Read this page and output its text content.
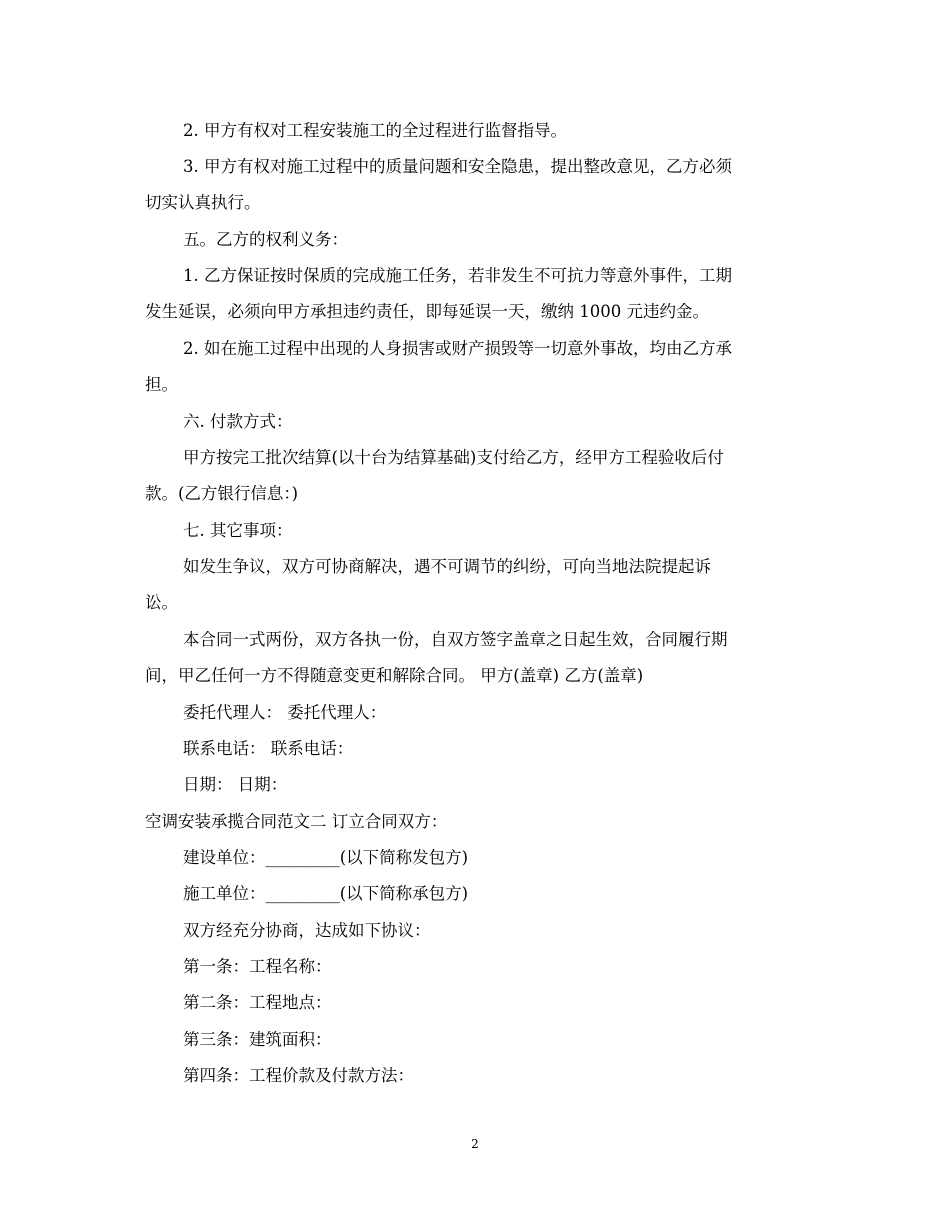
2. 甲方有权对工程安装施工的全过程进行监督指导。
3. 甲方有权对施工过程中的质量问题和安全隐患，提出整改意见，乙方必须
切实认真执行。
五。乙方的权利义务：
1. 乙方保证按时保质的完成施工任务，若非发生不可抗力等意外事件，工期
发生延误，必须向甲方承担违约责任，即每延误一天，缴纳 1000 元违约金。
2. 如在施工过程中出现的人身损害或财产损毁等一切意外事故，均由乙方承
担。
六. 付款方式：
甲方按完工批次结算(以十台为结算基础)支付给乙方，经甲方工程验收后付
款。(乙方银行信息：)
七. 其它事项：
如发生争议，双方可协商解决，遇不可调节的纠纷，可向当地法院提起诉
讼。
本合同一式两份，双方各执一份，自双方签字盖章之日起生效，合同履行期
间，甲乙任何一方不得随意变更和解除合同。 甲方(盖章) 乙方(盖章)
委托代理人： 委托代理人：
联系电话： 联系电话：
日期： 日期：
空调安装承揽合同范文二 订立合同双方：
建设单位：_________(以下简称发包方)
施工单位：_________(以下简称承包方)
双方经充分协商，达成如下协议：
第一条：工程名称：
第二条：工程地点：
第三条：建筑面积：
第四条：工程价款及付款方法：
2
